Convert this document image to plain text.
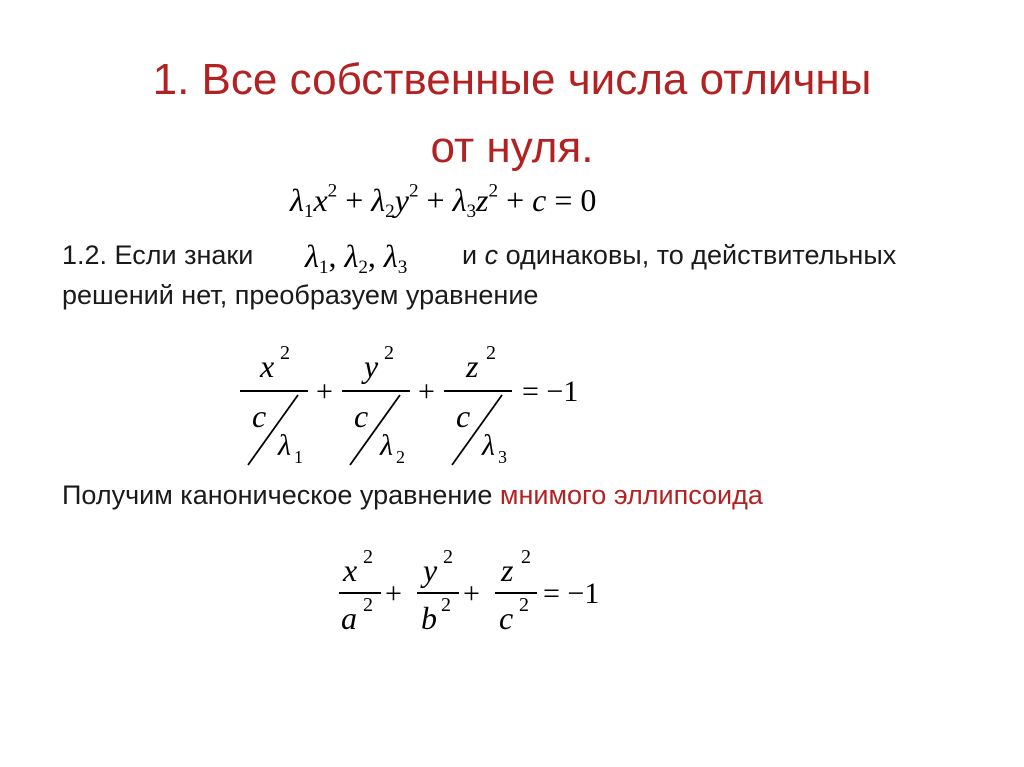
1. Все собственные числа отличны
от нуля.
$\lambda_1x^2 + \lambda_2y^2 + \lambda_3z^2 + c = 0$
1.2. Если знаки $\lambda_1$, $\lambda_2$, $\lambda_3$ и c одинаковы, то действительных
решений нет, преобразуем уравнение
x 2
c
λ 1
+
y 2
c
λ 2
+
z 2
c
λ 3
= −1
Получим каноническое уравнение мнимого эллипсоида
x 2
a 2 +
y 2
b 2 +
z 2
c 2 = −1
